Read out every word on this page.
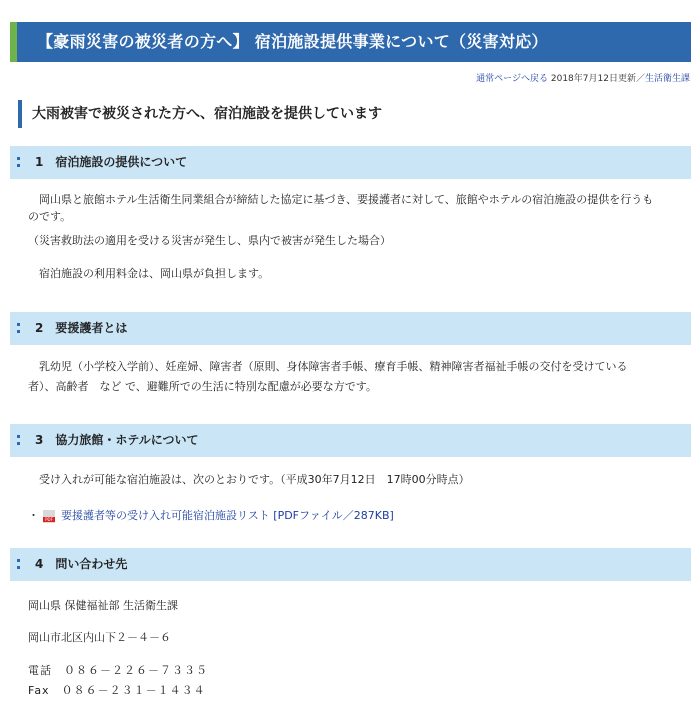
【豪雨災害の被災者の方へ】 宿泊施設提供事業について（災害対応）
通常ページへ戻る 2018年7月12日更新／生活衛生課
大雨被害で被災された方へ、宿泊施設を提供しています
1　宿泊施設の提供について
　岡山県と旅館ホテル生活衛生同業組合が締結した協定に基づき、要援護者に対して、旅館やホテルの宿泊施設の提供を行うも
のです。
（災害救助法の適用を受ける災害が発生し、県内で被害が発生した場合）
　宿泊施設の利用料金は、岡山県が負担します。
2　要援護者とは
　乳幼児（小学校入学前）、妊産婦、障害者（原則、身体障害者手帳、療育手帳、精神障害者福祉手帳の交付を受けている
者）、高齢者　など で、避難所での生活に特別な配慮が必要な方です。
3　協力旅館・ホテルについて
　受け入れが可能な宿泊施設は、次のとおりです。（平成30年7月12日　17時00分時点）
・PDF 要援護者等の受け入れ可能宿泊施設リスト [PDFファイル／287KB]
4　問い合わせ先
岡山県 保健福祉部 生活衛生課
岡山市北区内山下２－４－６
電話　０８６－２２６－７３３５
Fax　０８６－２３１－１４３４
